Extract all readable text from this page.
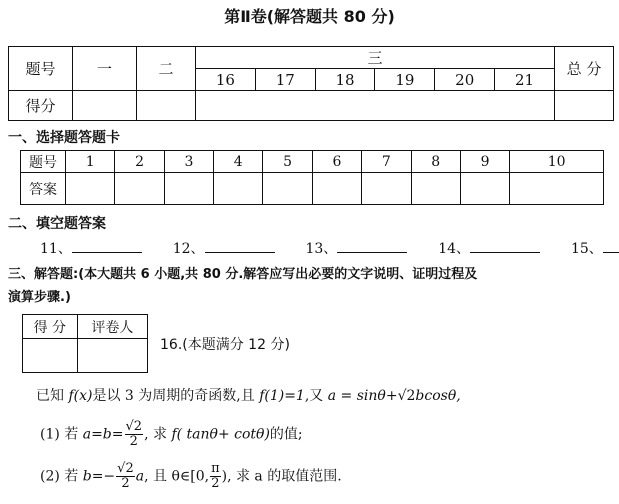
第Ⅱ卷(解答题共 80 分)
题号	一	二	三						总 分
			16	17	18	19	20	21	
得分									
一、选择题答题卡
题号	1	2	3	4	5	6	7	8	9	10
答案										
二、填空题答案
11、	12、	13、	14、	15、
三、解答题:(本大题共 6 小题,共 80 分.解答应写出必要的文字说明、证明过程及
演算步骤.)
得 分	评卷人

16.(本题满分 12 分)
已知 f(x)是以 3 为周期的奇函数,且 f(1)=1,又 a = sinθ+√2bcosθ,
(1) 若 $a=b= \frac{√2}{2}$ , 求 f( tanθ+ cotθ)的值;
(2) 若 $b=- \frac{√2}{2} a$, 且 θ∈[0, $\frac{\pi}{2}$ ), 求 a 的取值范围.
